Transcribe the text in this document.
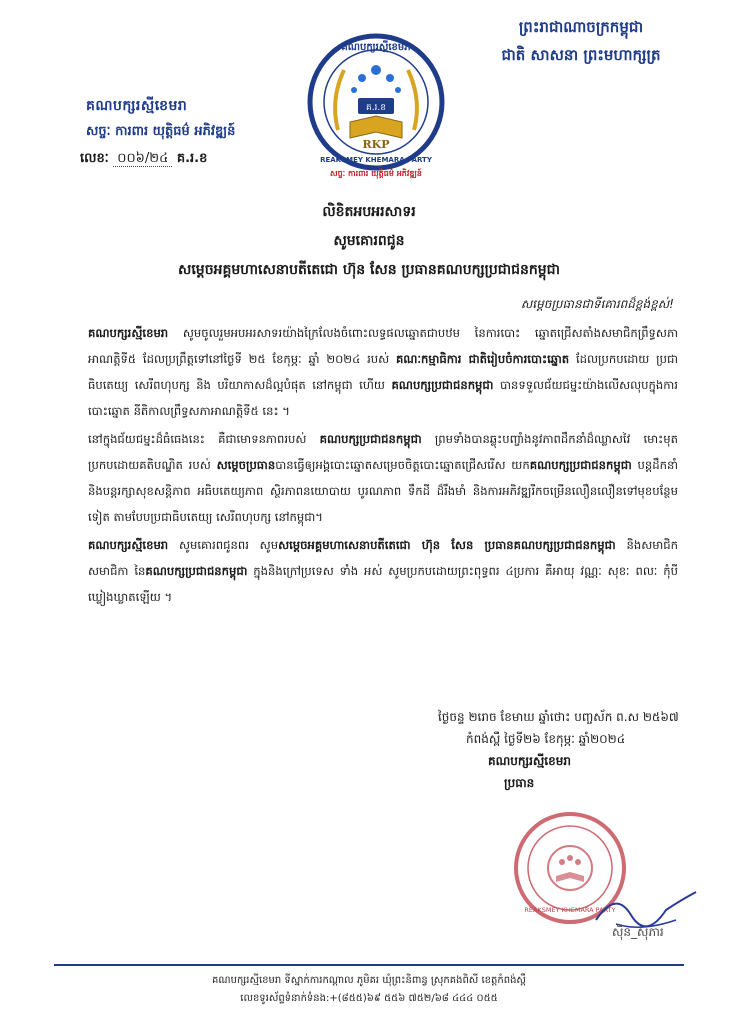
ព្រះរាជាណាចក្រកម្ពុជា
ជាតិ សាសនា ព្រះមហាក្សត្រ
គ.រ.ខ
RKP
គណបក្សរស្មីខេមរា
REAKSMEY KHEMARA PARTY
សច្ចៈ ការពារ យុត្តិធម៌ អភិវឌ្ឍន៍
គណបក្សរស្មីខេមរា
សច្ចៈ ការពារ យុត្តិធម៌ អភិវឌ្ឍន៍
លេខៈ ០០៦/២៤ គ.រ.ខ
លិខិតអបអរសាទរ
សូមគោរពជូន
សម្តេចអគ្គមហាសេនាបតីតេជោ ហ៊ុន សែន ប្រធានគណបក្សប្រជាជនកម្ពុជា
សម្តេចប្រធានជាទីគោរពដ៏ខ្ពង់ខ្ពស់!

គណបក្សរស្មីខេមរា សូមចូលរួមអបអរសាទរយ៉ាងក្រៃលែងចំពោះលទ្ធផលឆ្នោតជាបឋម នៃការបោះ ឆ្នោតជ្រើសតាំងសមាជិកព្រឹទ្ធសភា អាណត្តិទី៥ ដែលប្រព្រឹត្តទៅនៅថ្ងៃទី ២៥ ខែកុម្ភៈ ឆ្នាំ ២០២៤ របស់ គណៈកម្មាធិការ ជាតិរៀបចំការបោះឆ្នោត ដែលប្រកបដោយ ប្រជាធិបតេយ្យ សេរីពហុបក្ស និង បរិយាកាសដ៏ល្អបំផុត នៅកម្ពុជា ហើយ គណបក្សប្រជាជនកម្ពុជា បានទទួលជ័យជម្នះយ៉ាងលើសលុបក្នុងការបោះឆ្នោត នីតិកាលព្រឹទ្ធសភាអាណត្តិទី៥ នេះ ។

នៅក្នុងជ័យជម្នះដ៏ធំធេងនេះ គឺជាមោទនភាពរបស់ គណបក្សប្រជាជនកម្ពុជា ព្រមទាំងបានឆ្លុះបញ្ចាំងនូវភាពដឹកនាំដ៏ឈ្លាសវៃ មោះមុត ប្រកបដោយគតិបណ្ឌិត របស់ សម្តេចប្រធានបានធ្វើឲ្យអង្គបោះឆ្នោតសម្រេចចិត្តបោះឆ្នោតជ្រើសរើស យកគណបក្សប្រជាជនកម្ពុជា បន្តដឹកនាំ និងបន្តរក្សាសុខសន្តិភាព អធិបតេយ្យភាព ស្ថិរភាពនយោបាយ បូរណភាព ទឹកដី ដ៏រឹងមាំ និងការអភិវឌ្ឍរីកចម្រើនលឿនលឿនទៅមុខបន្ថែមទៀត តាមបែបប្រជាធិបតេយ្យ សេរីពហុបក្ស នៅកម្ពុជា។

គណបក្សរស្មីខេមរា សូមគោរពជូនពរ សូមសម្តេចអគ្គមហាសេនាបតីតេជោ ហ៊ុន សែន ប្រធានគណបក្សប្រជាជនកម្ពុជា និងសមាជិក សមាជិកា នៃគណបក្សប្រជាជនកម្ពុជា ក្នុងនិងក្រៅប្រទេស ទាំង អស់ សូមប្រកបដោយព្រះពុទ្ធពរ ៤ប្រការ គឺអាយុ វណ្ណៈ សុខៈ ពលៈ កុំបីឃ្លៀងឃ្លាតឡើយ ។

ថ្ងៃចន្ទ ២រោច ខែមាឃ ឆ្នាំថោះ បញ្ចស័ក ព.ស ២៥៦៧
កំពង់ស្ពឺ ថ្ងៃទី២៦ ខែកុម្ភៈ ឆ្នាំ២០២៤
គណបក្សរស្មីខេមរា
ប្រធាន
REAKSMEY KHEMARA PARTY
ស៊ឹន_សុភារ
គណបក្សរស្មីខេមរា ទីស្នាក់ការកណ្តាល ភូមិគរ ឃុំព្រះនិពាន្វ ស្រុកគងពិសី ខេត្តកំពង់ស្ពឺ
លេខទូរស័ព្ទទំនាក់ទំនង:+(៨៥៥)៦៩ ៥៥៦ ៧៥២/៦៨ ៤៤៤ ០៥៥
